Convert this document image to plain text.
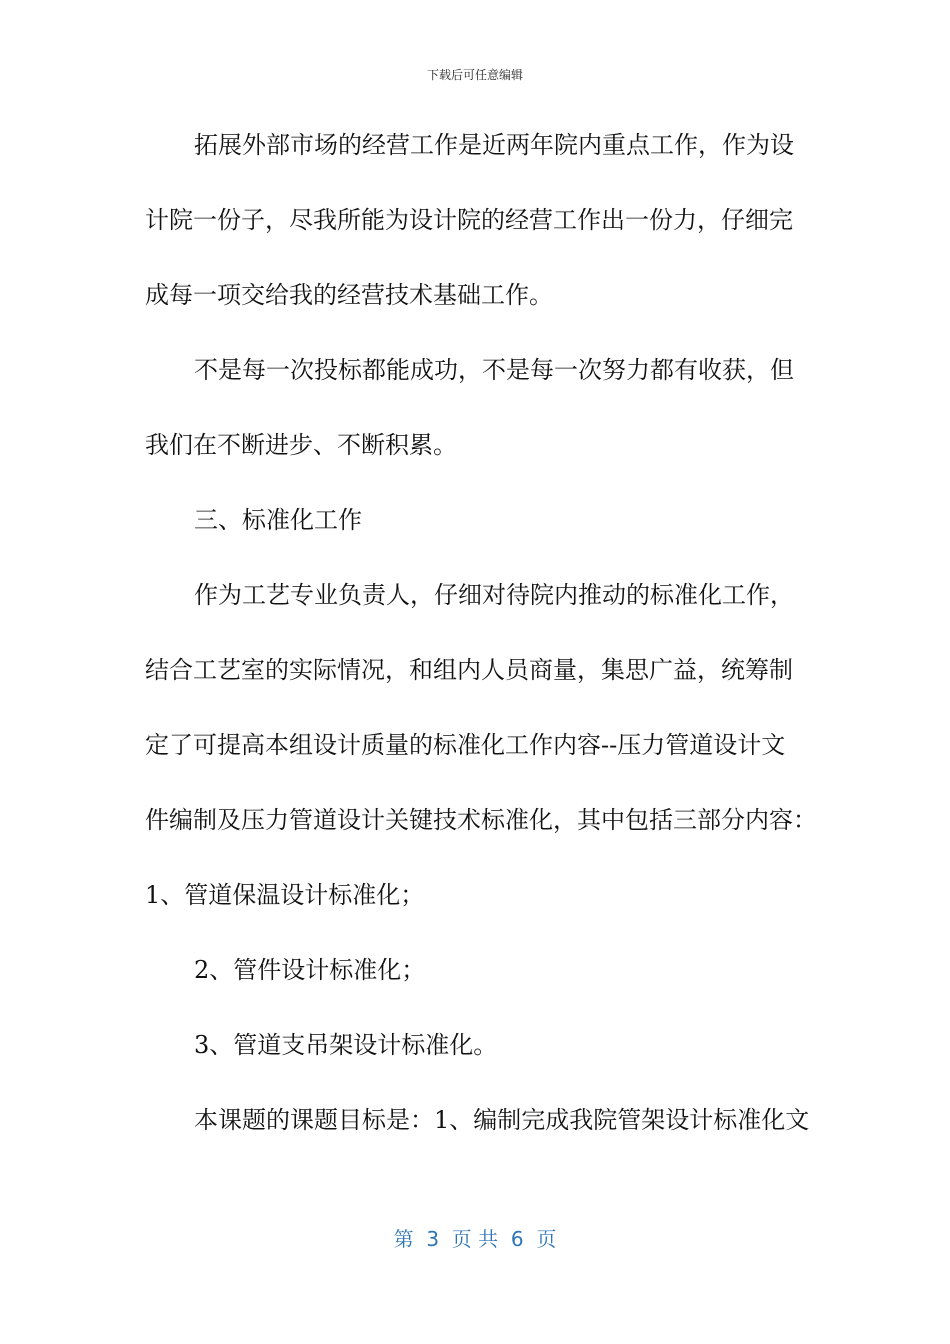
下载后可任意编辑
拓展外部市场的经营工作是近两年院内重点工作，作为设
计院一份子，尽我所能为设计院的经营工作出一份力，仔细完
成每一项交给我的经营技术基础工作。
不是每一次投标都能成功，不是每一次努力都有收获，但
我们在不断进步、不断积累。
三、标准化工作
作为工艺专业负责人，仔细对待院内推动的标准化工作，
结合工艺室的实际情况，和组内人员商量，集思广益，统筹制
定了可提高本组设计质量的标准化工作内容--压力管道设计文
件编制及压力管道设计关键技术标准化，其中包括三部分内容：
1、管道保温设计标准化；
2、管件设计标准化；
3、管道支吊架设计标准化。
本课题的课题目标是：1、编制完成我院管架设计标准化文
第  3  页 共  6  页
